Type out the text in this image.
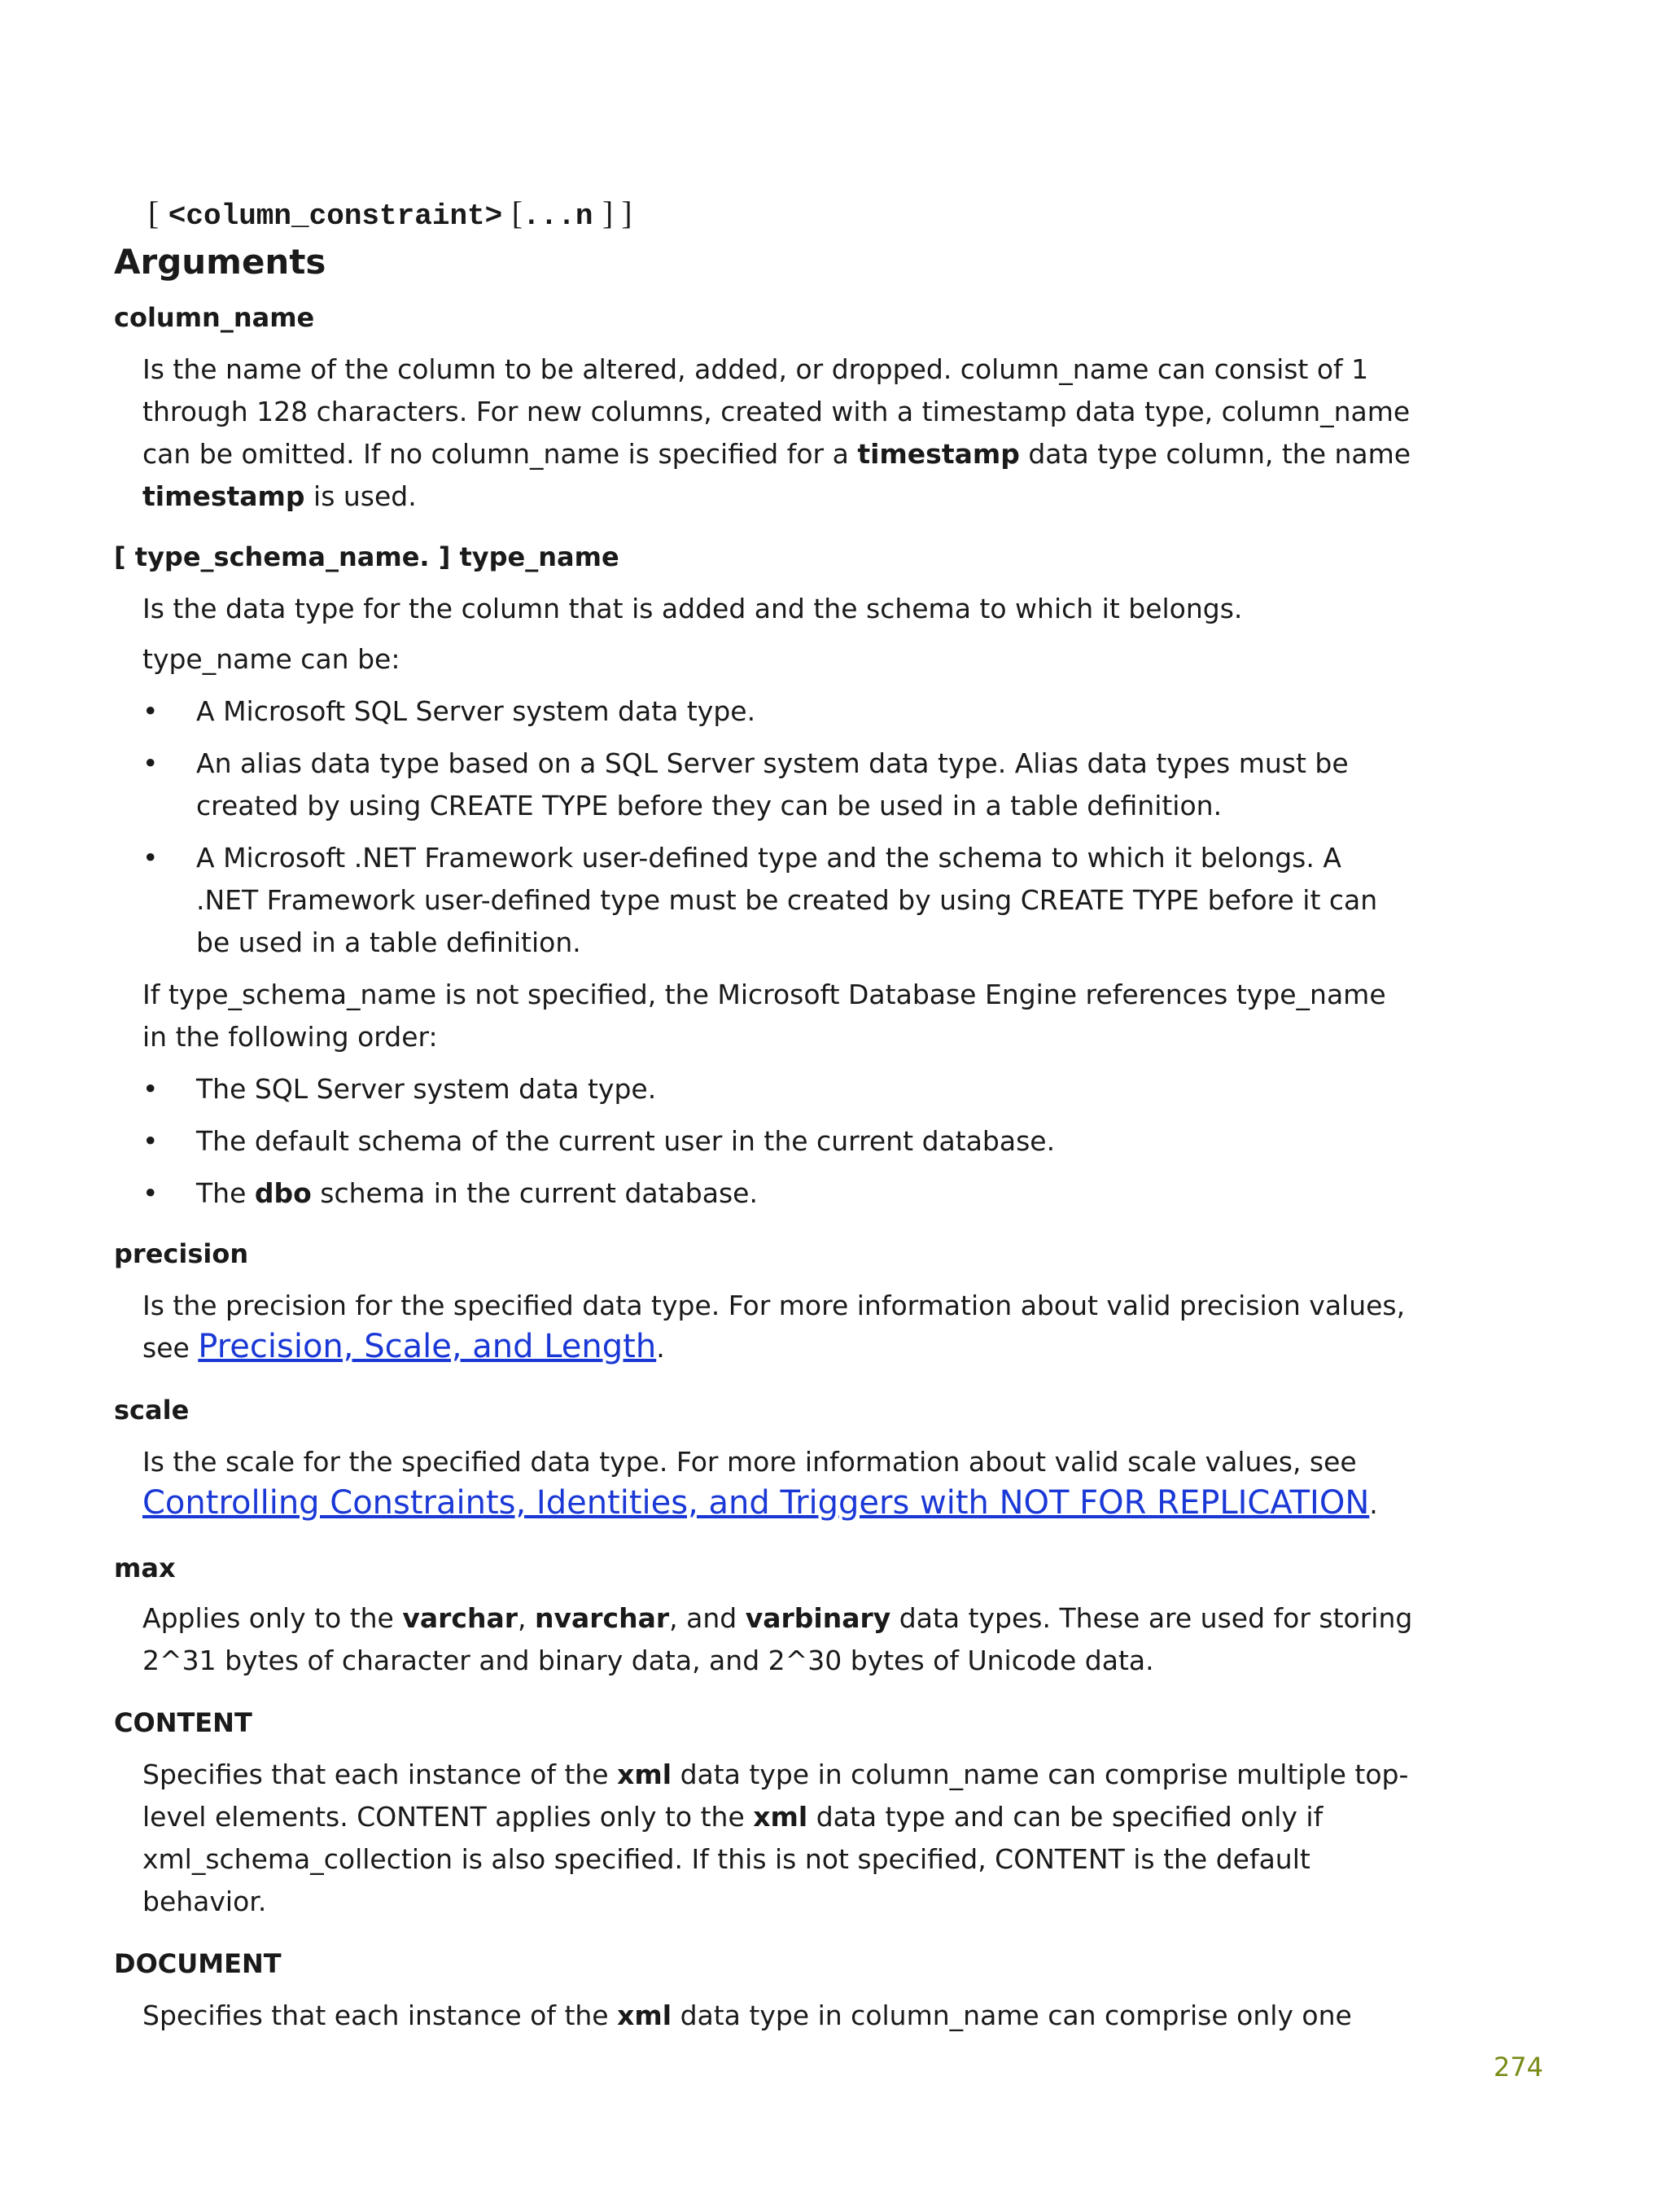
[ <column_constraint> [...n ] ]
Arguments

column_name

Is the name of the column to be altered, added, or dropped. column_name can consist of 1

through 128 characters. For new columns, created with a timestamp data type, column_name

can be omitted. If no column_name is specified for a timestamp data type column, the name

timestamp is used.

[ type_schema_name. ] type_name

Is the data type for the column that is added and the schema to which it belongs.

type_name can be:

•	A Microsoft SQL Server system data type.
•	An alias data type based on a SQL Server system data type. Alias data types must be
created by using CREATE TYPE before they can be used in a table definition.
•	A Microsoft .NET Framework user-defined type and the schema to which it belongs. A
.NET Framework user-defined type must be created by using CREATE TYPE before it can
be used in a table definition.

If type_schema_name is not specified, the Microsoft Database Engine references type_name

in the following order:

•	The SQL Server system data type.
•	The default schema of the current user in the current database.
•	The dbo schema in the current database.

precision

Is the precision for the specified data type. For more information about valid precision values,

see Precision, Scale, and Length.

scale

Is the scale for the specified data type. For more information about valid scale values, see

Controlling Constraints, Identities, and Triggers with NOT FOR REPLICATION.

max

Applies only to the varchar, nvarchar, and varbinary data types. These are used for storing

2^31 bytes of character and binary data, and 2^30 bytes of Unicode data.

CONTENT

Specifies that each instance of the xml data type in column_name can comprise multiple top-

level elements. CONTENT applies only to the xml data type and can be specified only if

xml_schema_collection is also specified. If this is not specified, CONTENT is the default

behavior.

DOCUMENT

Specifies that each instance of the xml data type in column_name can comprise only one

274
